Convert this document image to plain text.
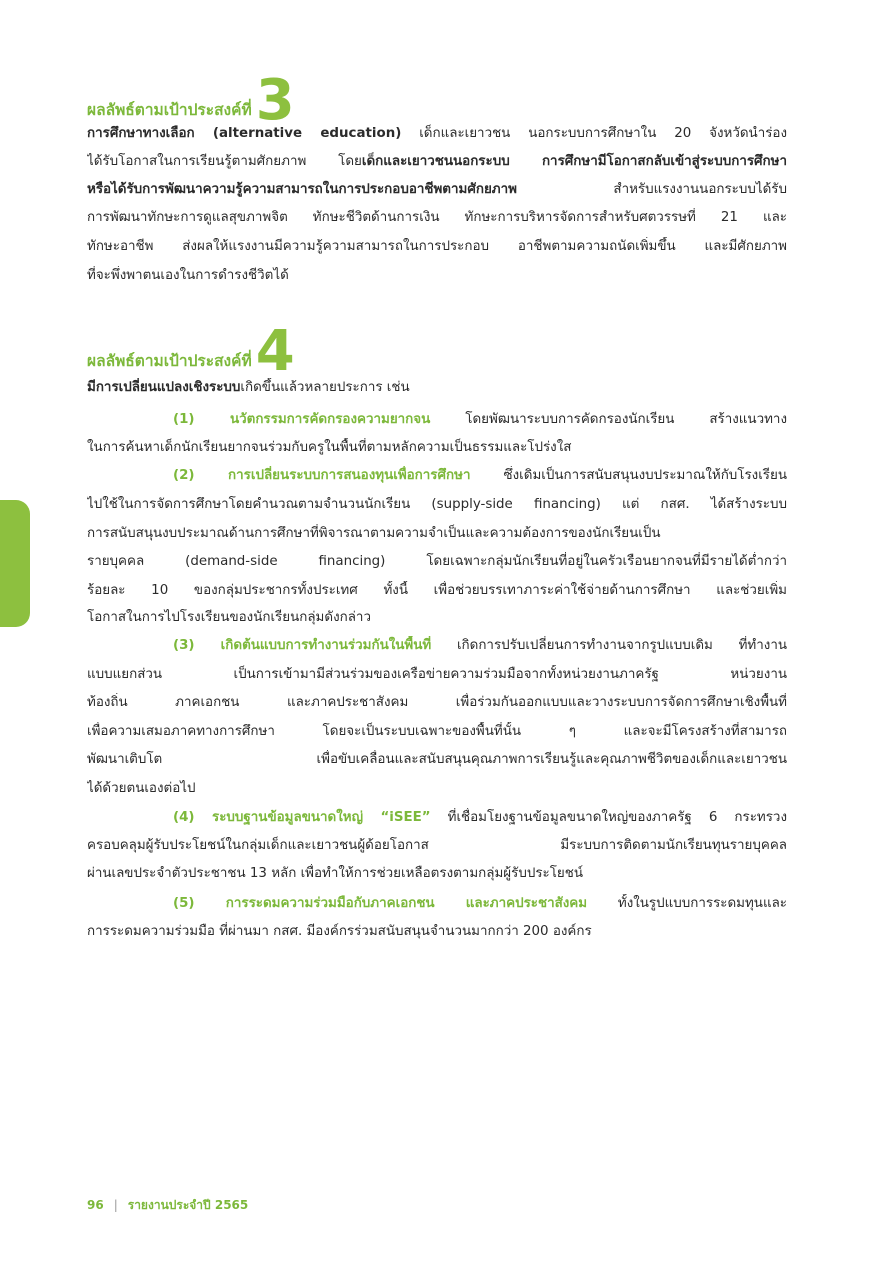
ผลลัพธ์ตามเป้าประสงค์ที่ 3
การศึกษาทางเลือก (alternative education) เด็กและเยาวชน นอกระบบการศึกษาใน 20 จังหวัดนำร่อง
ได้รับโอกาสในการเรียนรู้ตามศักยภาพ โดยเด็กและเยาวชนนอกระบบ การศึกษามีโอกาสกลับเข้าสู่ระบบการศึกษา
หรือได้รับการพัฒนาความรู้ความสามารถในการประกอบอาชีพตามศักยภาพ สำหรับแรงงานนอกระบบได้รับ
การพัฒนาทักษะการดูแลสุขภาพจิต ทักษะชีวิตด้านการเงิน ทักษะการบริหารจัดการสำหรับศตวรรษที่ 21 และ
ทักษะอาชีพ ส่งผลให้แรงงานมีความรู้ความสามารถในการประกอบ อาชีพตามความถนัดเพิ่มขึ้น และมีศักยภาพ
ที่จะพึ่งพาตนเองในการดำรงชีวิตได้
ผลลัพธ์ตามเป้าประสงค์ที่ 4
มีการเปลี่ยนแปลงเชิงระบบเกิดขึ้นแล้วหลายประการ เช่น
(1) นวัตกรรมการคัดกรองความยากจน โดยพัฒนาระบบการคัดกรองนักเรียน สร้างแนวทาง
ในการค้นหาเด็กนักเรียนยากจนร่วมกับครูในพื้นที่ตามหลักความเป็นธรรมและโปร่งใส
(2) การเปลี่ยนระบบการสนองทุนเพื่อการศึกษา ซึ่งเดิมเป็นการสนับสนุนงบประมาณให้กับโรงเรียน
ไปใช้ในการจัดการศึกษาโดยคำนวณตามจำนวนนักเรียน (supply-side financing) แต่ กสศ. ได้สร้างระบบ
การสนับสนุนงบประมาณด้านการศึกษาที่พิจารณาตามความจำเป็นและความต้องการของนักเรียนเป็น
รายบุคคล (demand-side financing) โดยเฉพาะกลุ่มนักเรียนที่อยู่ในครัวเรือนยากจนที่มีรายได้ต่ำกว่า
ร้อยละ 10 ของกลุ่มประชากรทั้งประเทศ ทั้งนี้ เพื่อช่วยบรรเทาภาระค่าใช้จ่ายด้านการศึกษา และช่วยเพิ่ม
โอกาสในการไปโรงเรียนของนักเรียนกลุ่มดังกล่าว
(3) เกิดต้นแบบการทำงานร่วมกันในพื้นที่ เกิดการปรับเปลี่ยนการทำงานจากรูปแบบเดิม ที่ทำงาน
แบบแยกส่วน เป็นการเข้ามามีส่วนร่วมของเครือข่ายความร่วมมือจากทั้งหน่วยงานภาครัฐ หน่วยงาน
ท้องถิ่น ภาคเอกชน และภาคประชาสังคม เพื่อร่วมกันออกแบบและวางระบบการจัดการศึกษาเชิงพื้นที่
เพื่อความเสมอภาคทางการศึกษา โดยจะเป็นระบบเฉพาะของพื้นที่นั้น ๆ และจะมีโครงสร้างที่สามารถ
พัฒนาเติบโต เพื่อขับเคลื่อนและสนับสนุนคุณภาพการเรียนรู้และคุณภาพชีวิตของเด็กและเยาวชน
ได้ด้วยตนเองต่อไป
(4) ระบบฐานข้อมูลขนาดใหญ่ “iSEE” ที่เชื่อมโยงฐานข้อมูลขนาดใหญ่ของภาครัฐ 6 กระทรวง
ครอบคลุมผู้รับประโยชน์ในกลุ่มเด็กและเยาวชนผู้ด้อยโอกาส มีระบบการติดตามนักเรียนทุนรายบุคคล
ผ่านเลขประจำตัวประชาชน 13 หลัก เพื่อทำให้การช่วยเหลือตรงตามกลุ่มผู้รับประโยชน์
(5) การระดมความร่วมมือกับภาคเอกชน และภาคประชาสังคม ทั้งในรูปแบบการระดมทุนและ
การระดมความร่วมมือ ที่ผ่านมา กสศ. มีองค์กรร่วมสนับสนุนจำนวนมากกว่า 200 องค์กร
96 | รายงานประจำปี 2565
